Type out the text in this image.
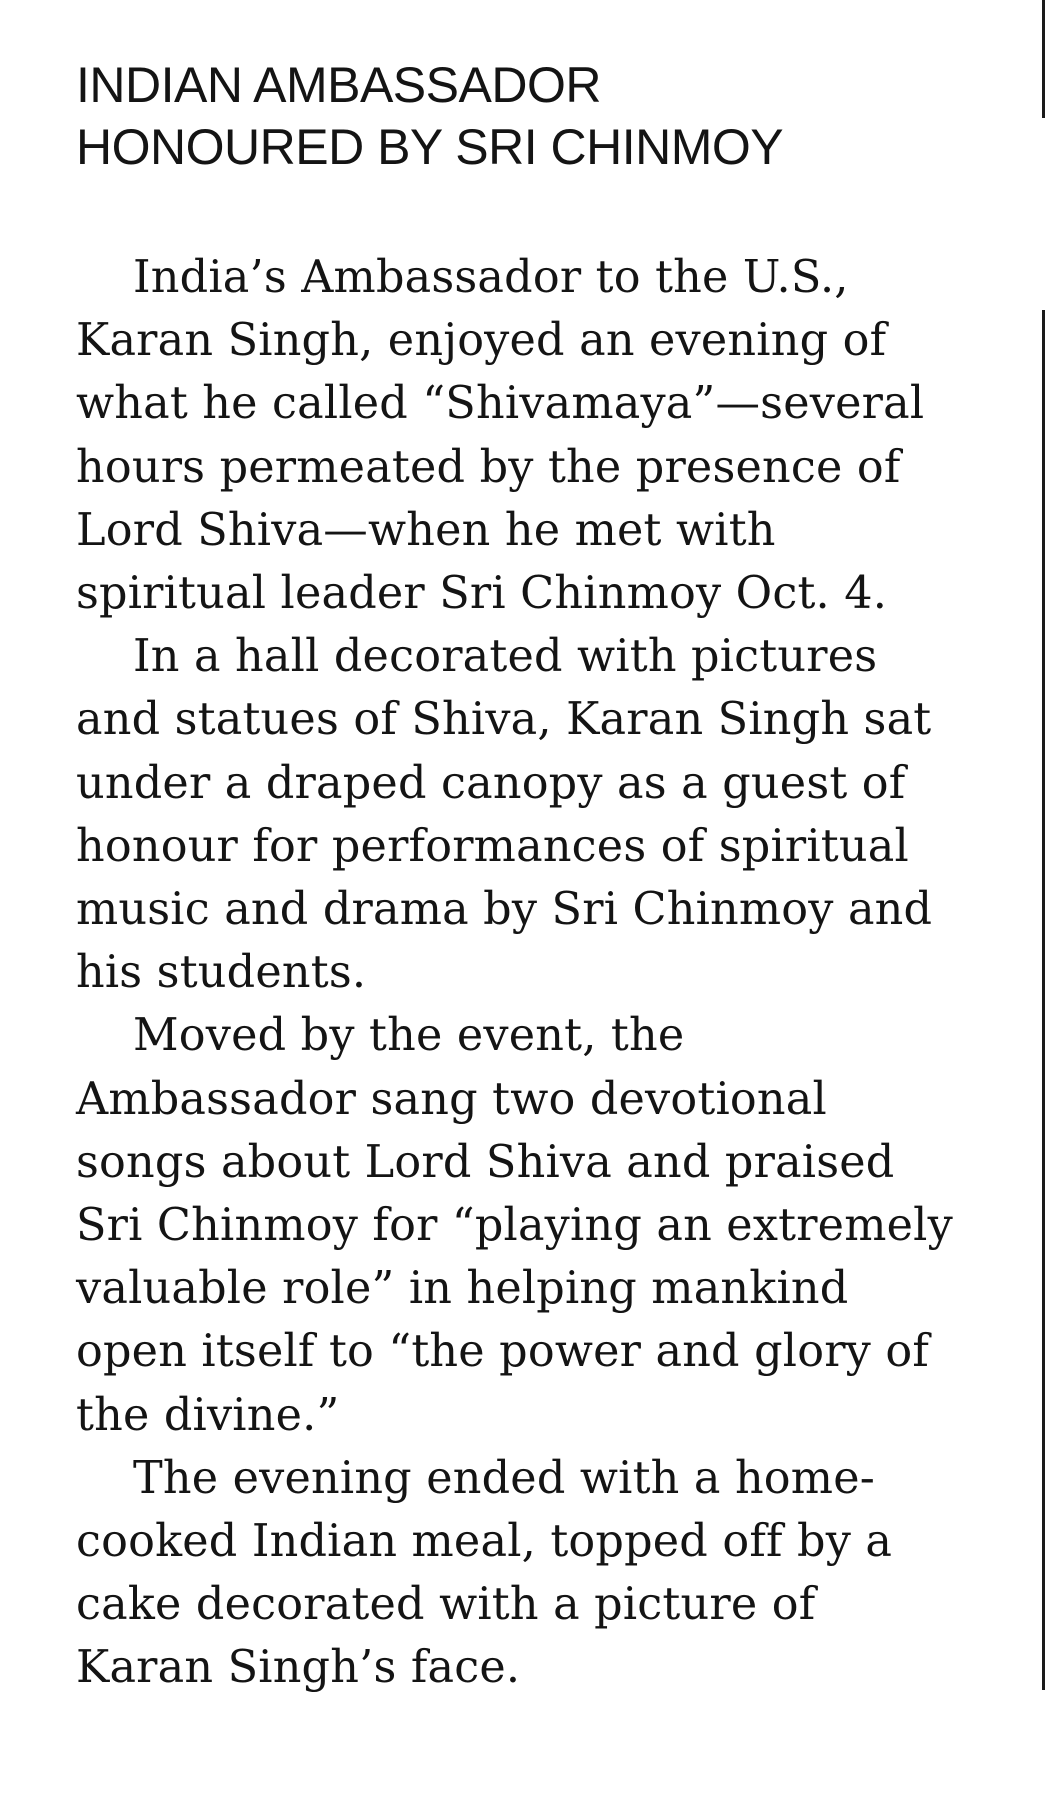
INDIAN AMBASSADOR
HONOURED BY SRI CHINMOY

India’s Ambassador to the U.S.,
Karan Singh, enjoyed an evening of
what he called “Shivamaya”—several
hours permeated by the presence of
Lord Shiva—when he met with
spiritual leader Sri Chinmoy Oct. 4.

In a hall decorated with pictures
and statues of Shiva, Karan Singh sat
under a draped canopy as a guest of
honour for performances of spiritual
music and drama by Sri Chinmoy and
his students.

Moved by the event, the
Ambassador sang two devotional
songs about Lord Shiva and praised
Sri Chinmoy for “playing an extremely
valuable role” in helping mankind
open itself to “the power and glory of
the divine.”

The evening ended with a home-
cooked Indian meal, topped off by a
cake decorated with a picture of
Karan Singh’s face.
